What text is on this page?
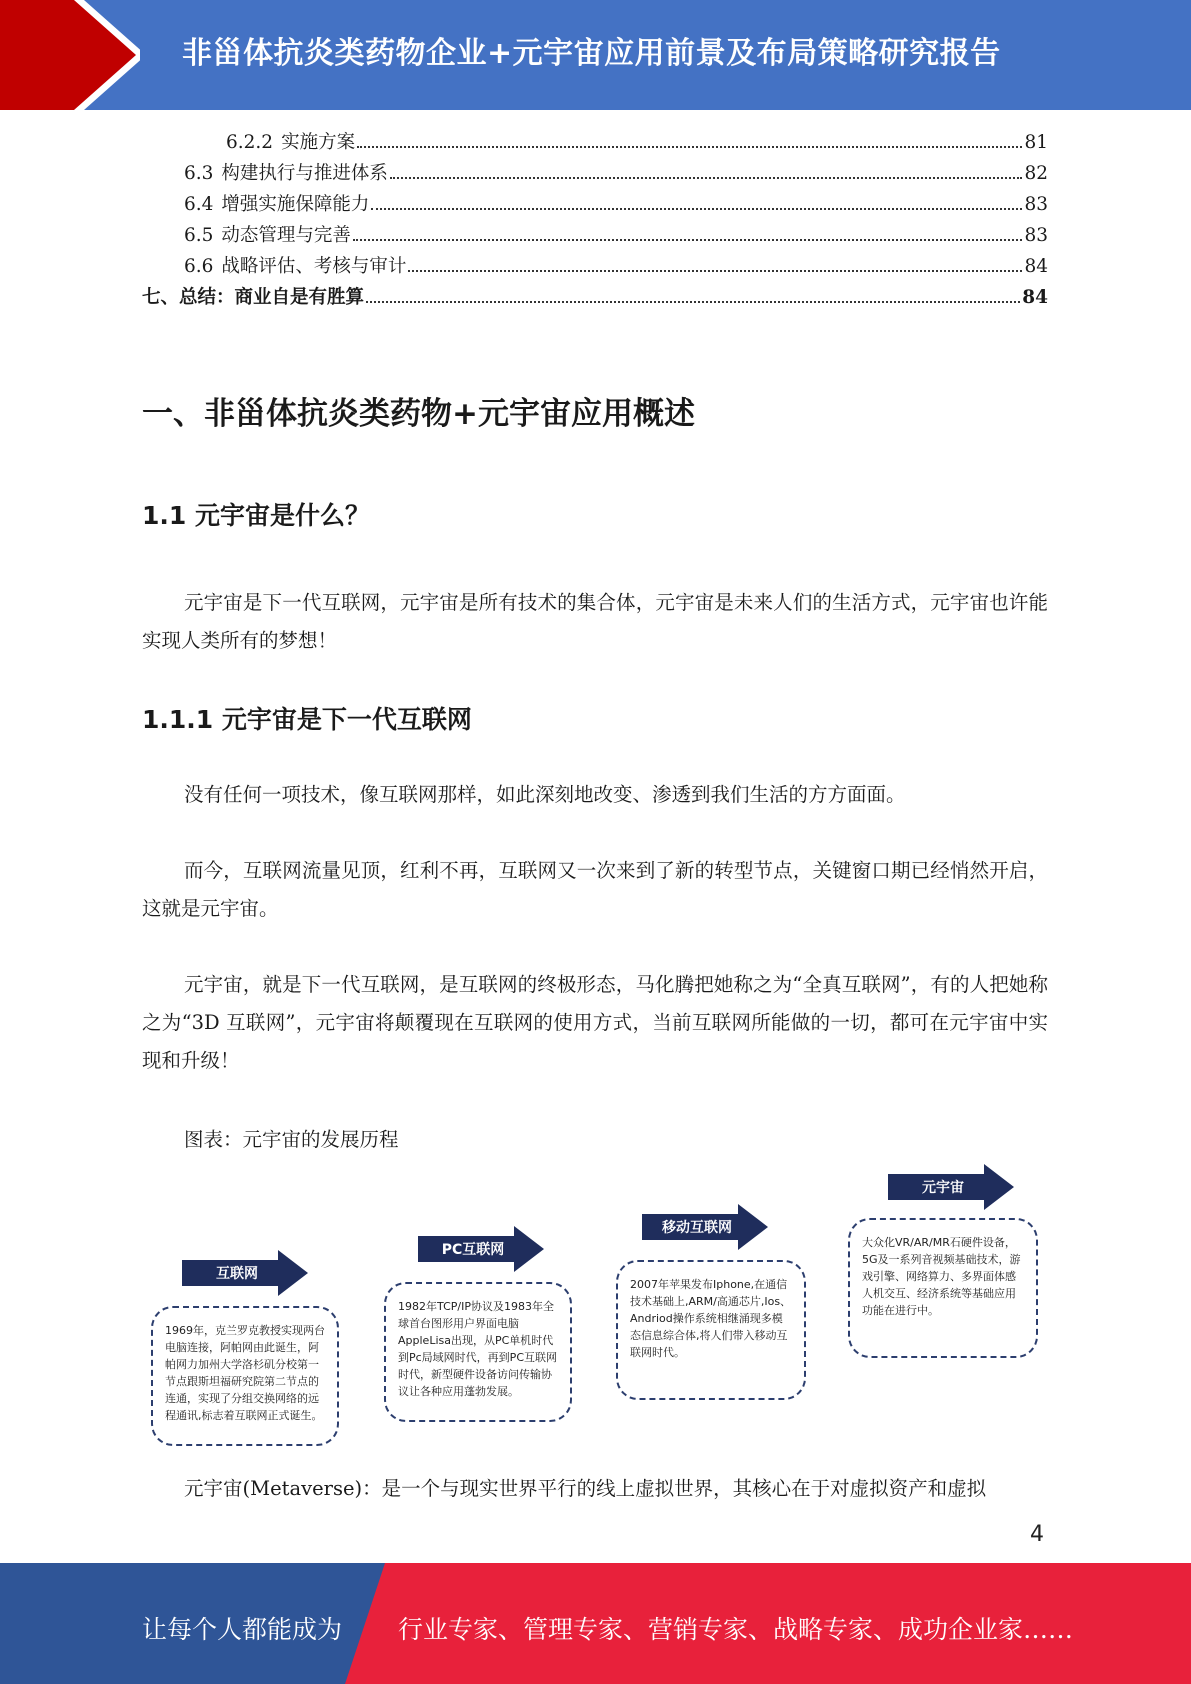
非甾体抗炎类药物企业+元宇宙应用前景及布局策略研究报告
6.2.2 实施方案	81
6.3 构建执行与推进体系	82
6.4 增强实施保障能力	83
6.5 动态管理与完善	83
6.6 战略评估、考核与审计	84
七、总结：商业自是有胜算	84
一、非甾体抗炎类药物+元宇宙应用概述
1.1 元宇宙是什么？
元宇宙是下一代互联网，元宇宙是所有技术的集合体，元宇宙是未来人们的生活方式，元宇宙也许能实现人类所有的梦想！
1.1.1 元宇宙是下一代互联网
没有任何一项技术，像互联网那样，如此深刻地改变、渗透到我们生活的方方面面。
而今，互联网流量见顶，红利不再，互联网又一次来到了新的转型节点，关键窗口期已经悄然开启，这就是元宇宙。
元宇宙，就是下一代互联网，是互联网的终极形态，马化腾把她称之为“全真互联网”，有的人把她称之为“3D 互联网”，元宇宙将颠覆现在互联网的使用方式，当前互联网所能做的一切，都可在元宇宙中实现和升级！
图表：元宇宙的发展历程
互联网
1969年，克兰罗克教授实现两台电脑连接，阿帕网由此诞生，阿帕网力加州大学洛杉矶分校第一节点跟斯坦福研究院第二节点的连通，实现了分组交换网络的远程通讯,标志着互联网正式诞生。
PC互联网
1982年TCP/IP协议及1983年全球首台图形用户界面电脑AppleLisa出现，从PC单机时代到Pc局域网时代，再到PC互联网时代，新型硬件设备访问传输协议让各种应用蓬勃发展。
移动互联网
2007年苹果发布Iphone,在通信技术基础上,ARM/高通芯片,Ios、Andriod操作系统相继涌现多模态信息综合体,将人们带入移动互联网时代。
元宇宙
大众化VR/AR/MR石硬件设备，5G及一系列音视频基础技术，游戏引擎、网络算力、多界面体感人机交互、经济系统等基础应用功能在进行中。
元宇宙(Metaverse)：是一个与现实世界平行的线上虚拟世界，其核心在于对虚拟资产和虚拟
4
让每个人都能成为 行业专家、管理专家、营销专家、战略专家、成功企业家……
